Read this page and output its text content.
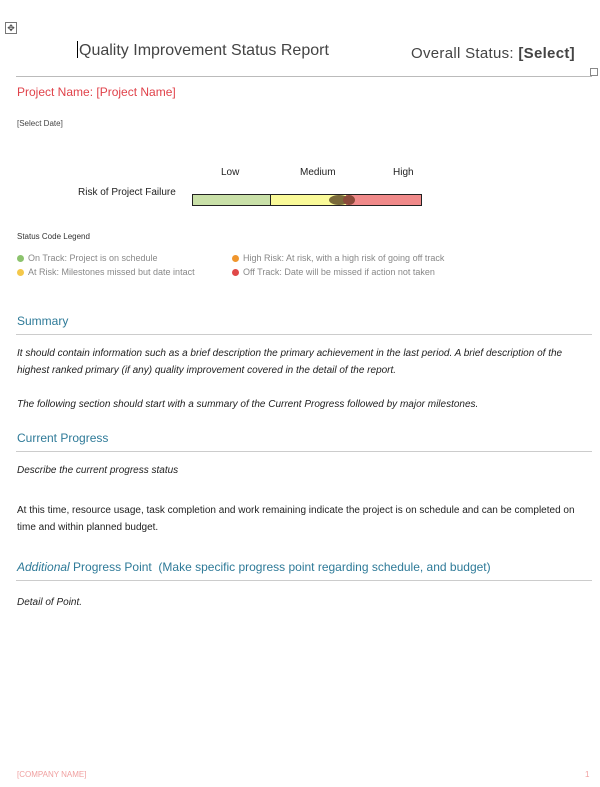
✥
Quality Improvement Status Report	Overall Status: [Select]
Project Name: [Project Name]
[Select Date]
Risk of Project Failure
Low	Medium	High
Status Code Legend
On Track: Project is on schedule	High Risk: At risk, with a high risk of going off track
At Risk: Milestones missed but date intact	Off Track: Date will be missed if action not taken
Summary
It should contain information such as a brief description the primary achievement in the last period. A brief description of the highest ranked primary (if any) quality improvement covered in the detail of the report.
The following section should start with a summary of the Current Progress followed by major milestones.
Current Progress
Describe the current progress status
At this time, resource usage, task completion and work remaining indicate the project is on schedule and can be completed on time and within planned budget.
Additional Progress Point  (Make specific progress point regarding schedule, and budget)
Detail of Point.
[COMPANY NAME]	1
